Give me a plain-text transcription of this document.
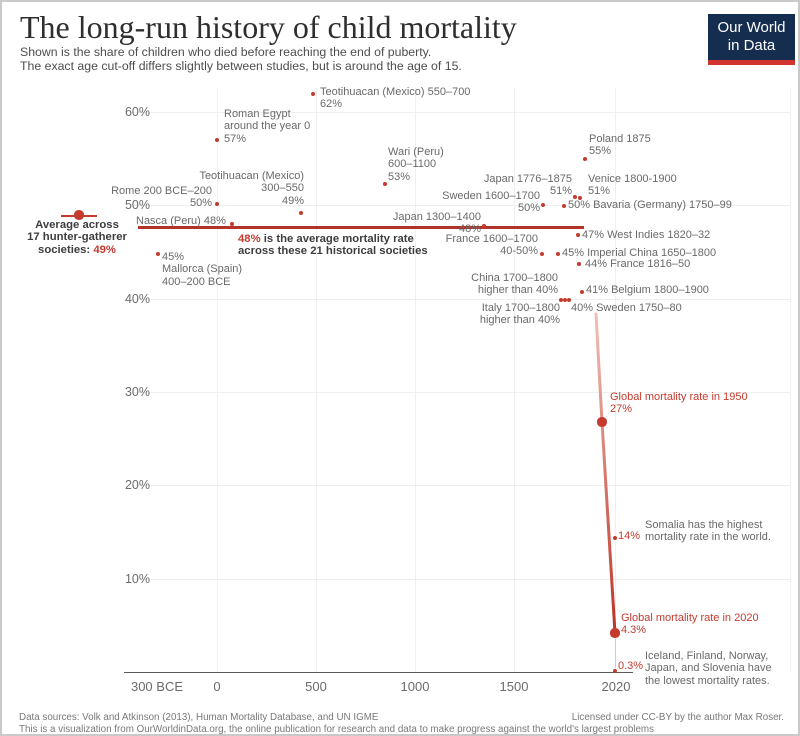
The long-run history of child mortality
Shown is the share of children who died before reaching the end of puberty.
The exact age cut-off differs slightly between studies, but is around the age of 15.
Our World
in Data
60%
50%
40%
30%
20%
10%
300 BCE 0	500	1000	1500	2020
Average across
17 hunter-gatherer
societies: 49%
Nasca (Peru) 48%
48% is the average mortality rate
across these 21 historical societies
Roman Egypt
around the year 0
57%
Rome 200 BCE–200
50%
Teotihuacan (Mexico)
300–550
49%
Teotihuacan (Mexico) 550–700
62%
Wari (Peru)
600–1100
53%
Poland 1875
55%
Japan 1776–1875
51%
Venice 1800-1900
51%
Sweden 1600–1700
50%	50% Bavaria (Germany) 1750–99
Japan 1300–1400
48%	47% West Indies 1820–32
France 1600–1700
40-50% 45% Imperial China 1650–1800
44% France 1816–50
China 1700–1800
higher than 40%	41% Belgium 1800–1900
Italy 1700–1800
higher than 40%
40% Sweden 1750–80
45%
Mallorca (Spain)
400–200 BCE
Global mortality rate in 1950
27%
14%
Somalia has the highest
mortality rate in the world.
Global mortality rate in 2020
4.3%
0.3%
Iceland, Finland, Norway,
Japan, and Slovenia have
the lowest mortality rates.
Data sources: Volk and Atkinson (2013), Human Mortality Database, and UN IGME
This is a visualization from OurWorldinData.org, the online publication for research and data to make progress against the world's largest problems
Licensed under CC-BY by the author Max Roser.
